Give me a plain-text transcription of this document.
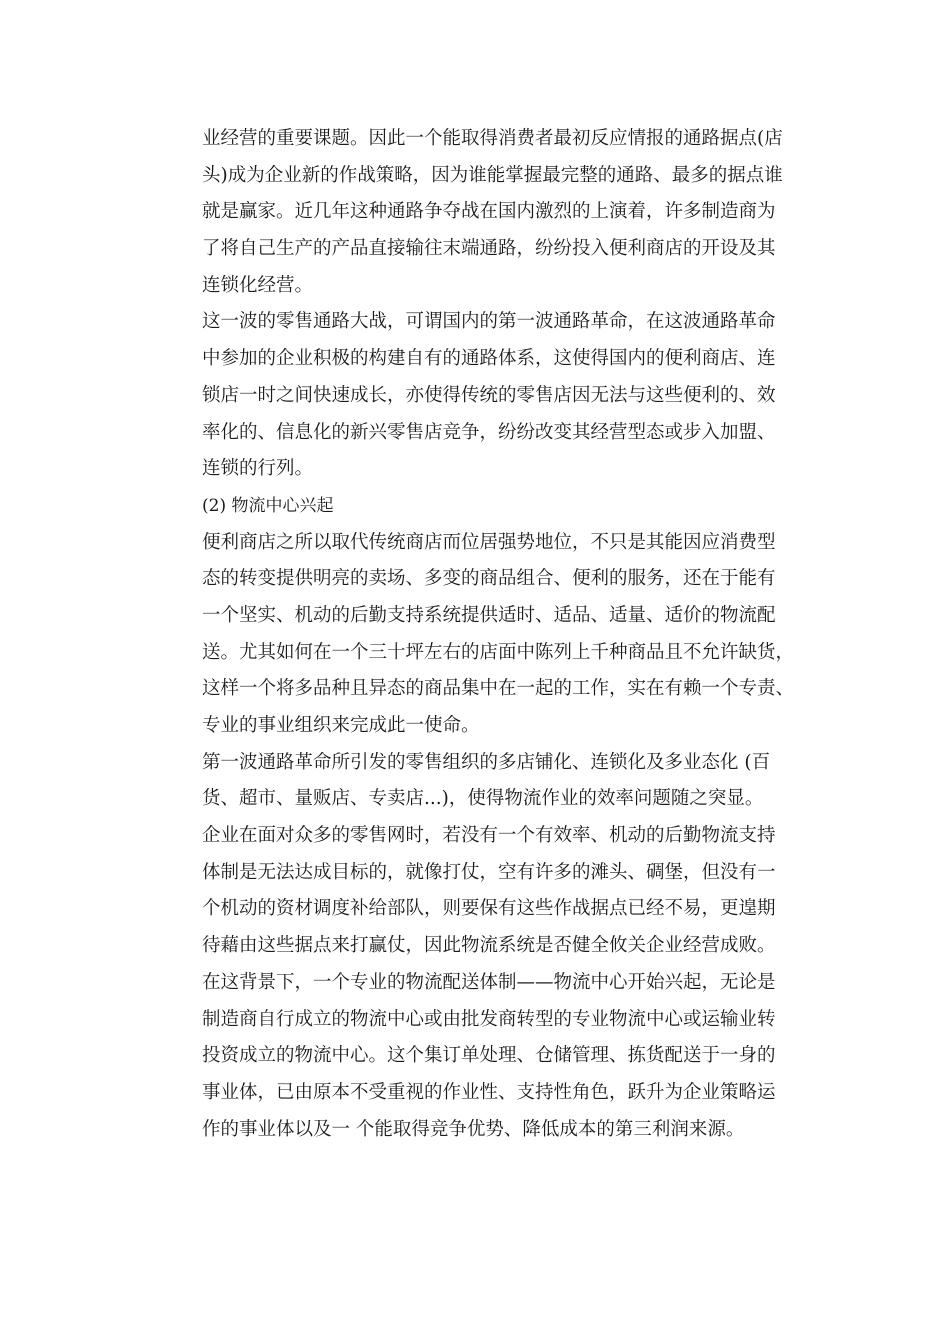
业经营的重要课题。因此一个能取得消费者最初反应情报的通路据点(店
头)成为企业新的作战策略，因为谁能掌握最完整的通路、最多的据点谁
就是赢家。近几年这种通路争夺战在国内激烈的上演着，许多制造商为
了将自己生产的产品直接输往末端通路，纷纷投入便利商店的开设及其
连锁化经营。
这一波的零售通路大战，可谓国内的第一波通路革命，在这波通路革命
中参加的企业积极的构建自有的通路体系，这使得国内的便利商店、连
锁店一时之间快速成长，亦使得传统的零售店因无法与这些便利的、效
率化的、信息化的新兴零售店竞争，纷纷改变其经营型态或步入加盟、
连锁的行列。
(2) 物流中心兴起
便利商店之所以取代传统商店而位居强势地位，不只是其能因应消费型
态的转变提供明亮的卖场、多变的商品组合、便利的服务，还在于能有
一个坚实、机动的后勤支持系统提供适时、适品、适量、适价的物流配
送。尤其如何在一个三十坪左右的店面中陈列上千种商品且不允许缺货，
这样一个将多品种且异态的商品集中在一起的工作，实在有赖一个专责、
专业的事业组织来完成此一使命。
第一波通路革命所引发的零售组织的多店铺化、连锁化及多业态化 (百
货、超市、量贩店、专卖店...)，使得物流作业的效率问题随之突显。
企业在面对众多的零售网时，若没有一个有效率、机动的后勤物流支持
体制是无法达成目标的，就像打仗，空有许多的滩头、碉堡，但没有一
个机动的资材调度补给部队，则要保有这些作战据点已经不易，更遑期
待藉由这些据点来打赢仗，因此物流系统是否健全攸关企业经营成败。
在这背景下，一个专业的物流配送体制——物流中心开始兴起，无论是
制造商自行成立的物流中心或由批发商转型的专业物流中心或运输业转
投资成立的物流中心。这个集订单处理、仓储管理、拣货配送于一身的
事业体，已由原本不受重视的作业性、支持性角色，跃升为企业策略运
作的事业体以及一 个能取得竞争优势、降低成本的第三利润来源。
